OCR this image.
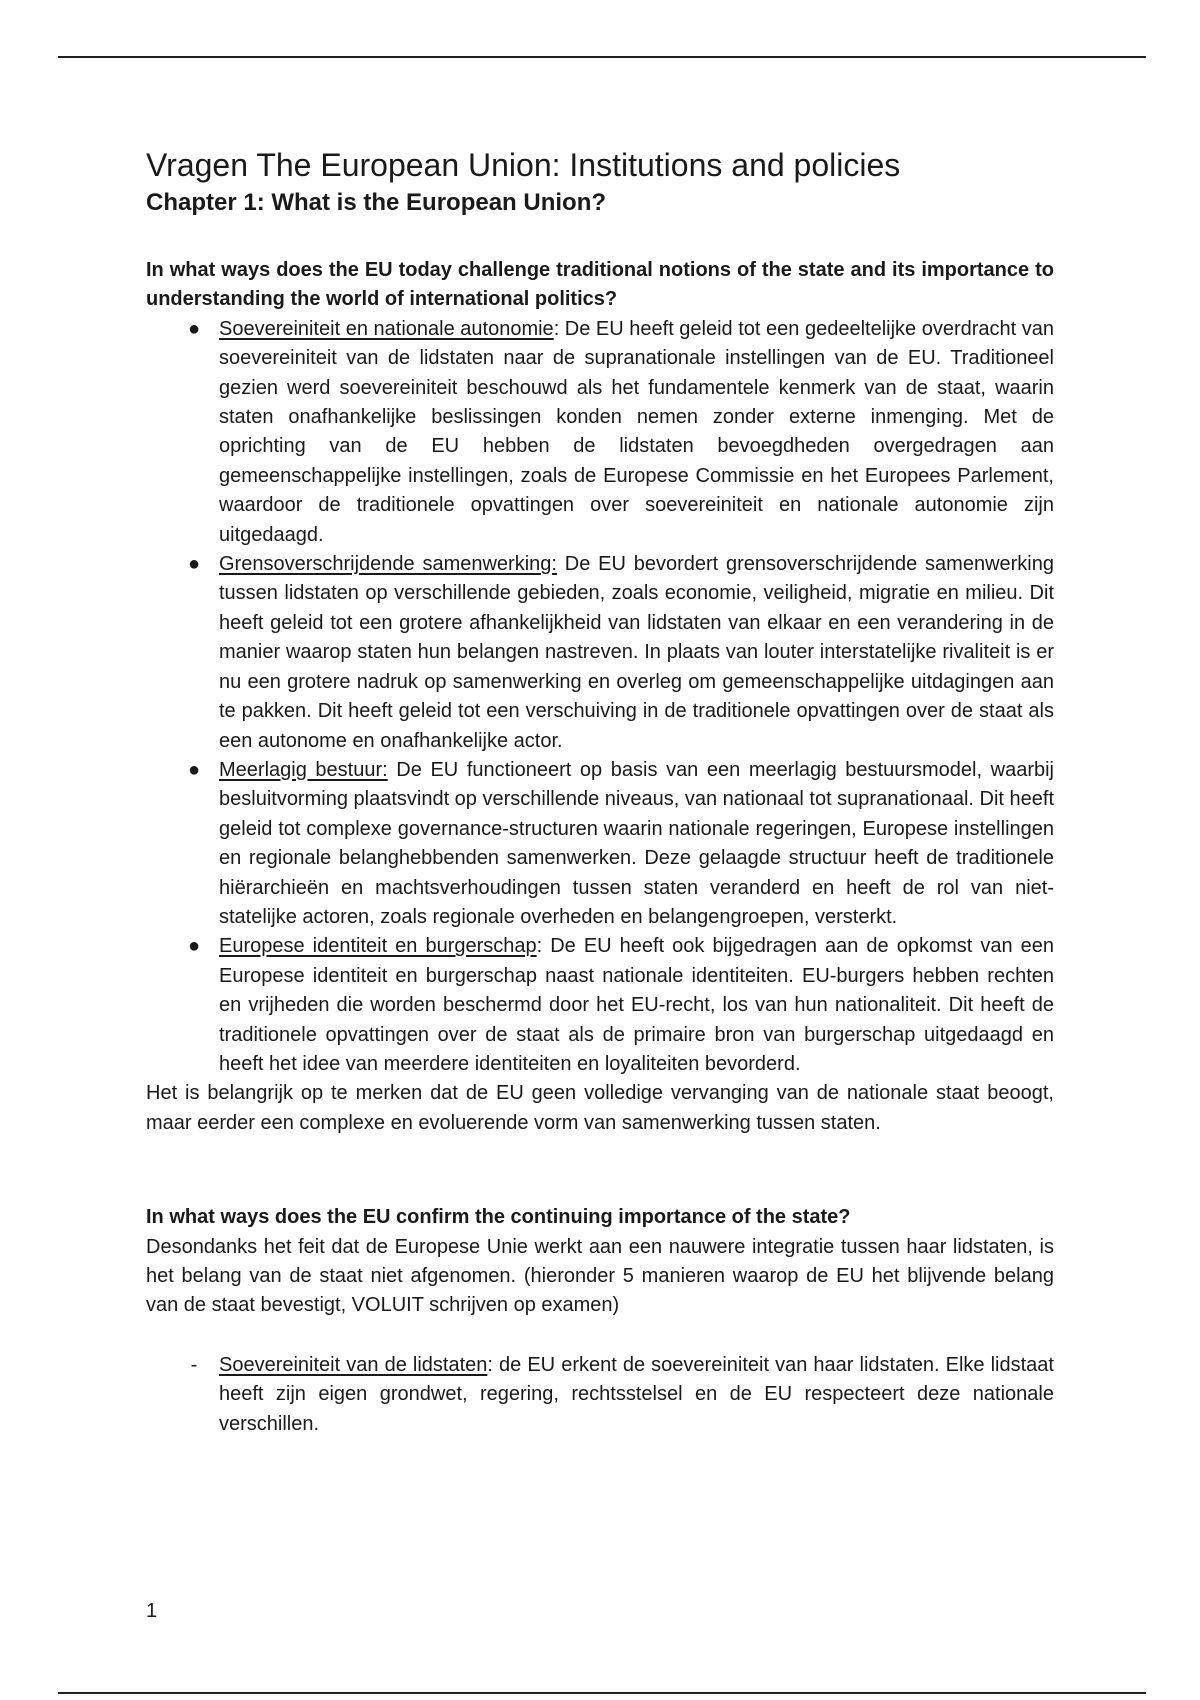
Vragen The European Union: Institutions and policies
Chapter 1: What is the European Union?

In what ways does the EU today challenge traditional notions of the state and its importance to understanding the world of international politics?

● Soevereiniteit en nationale autonomie: De EU heeft geleid tot een gedeeltelijke overdracht van soevereiniteit van de lidstaten naar de supranationale instellingen van de EU. Traditioneel gezien werd soevereiniteit beschouwd als het fundamentele kenmerk van de staat, waarin staten onafhankelijke beslissingen konden nemen zonder externe inmenging. Met de oprichting van de EU hebben de lidstaten bevoegdheden overgedragen aan gemeenschappelijke instellingen, zoals de Europese Commissie en het Europees Parlement, waardoor de traditionele opvattingen over soevereiniteit en nationale autonomie zijn uitgedaagd.
● Grensoverschrijdende samenwerking: De EU bevordert grensoverschrijdende samenwerking tussen lidstaten op verschillende gebieden, zoals economie, veiligheid, migratie en milieu. Dit heeft geleid tot een grotere afhankelijkheid van lidstaten van elkaar en een verandering in de manier waarop staten hun belangen nastreven. In plaats van louter interstatelijke rivaliteit is er nu een grotere nadruk op samenwerking en overleg om gemeenschappelijke uitdagingen aan te pakken. Dit heeft geleid tot een verschuiving in de traditionele opvattingen over de staat als een autonome en onafhankelijke actor.
● Meerlagig bestuur: De EU functioneert op basis van een meerlagig bestuursmodel, waarbij besluitvorming plaatsvindt op verschillende niveaus, van nationaal tot supranationaal. Dit heeft geleid tot complexe governance-structuren waarin nationale regeringen, Europese instellingen en regionale belanghebbenden samenwerken. Deze gelaagde structuur heeft de traditionele hiërarchieën en machtsverhoudingen tussen staten veranderd en heeft de rol van niet-statelijke actoren, zoals regionale overheden en belangengroepen, versterkt.
● Europese identiteit en burgerschap: De EU heeft ook bijgedragen aan de opkomst van een Europese identiteit en burgerschap naast nationale identiteiten. EU-burgers hebben rechten en vrijheden die worden beschermd door het EU-recht, los van hun nationaliteit. Dit heeft de traditionele opvattingen over de staat als de primaire bron van burgerschap uitgedaagd en heeft het idee van meerdere identiteiten en loyaliteiten bevorderd.

Het is belangrijk op te merken dat de EU geen volledige vervanging van de nationale staat beoogt, maar eerder een complexe en evoluerende vorm van samenwerking tussen staten.

In what ways does the EU confirm the continuing importance of the state?

Desondanks het feit dat de Europese Unie werkt aan een nauwere integratie tussen haar lidstaten, is het belang van de staat niet afgenomen. (hieronder 5 manieren waarop de EU het blijvende belang van de staat bevestigt, VOLUIT schrijven op examen)

-	Soevereiniteit van de lidstaten: de EU erkent de soevereiniteit van haar lidstaten. Elke lidstaat heeft zijn eigen grondwet, regering, rechtsstelsel en de EU respecteert deze nationale verschillen.
1
